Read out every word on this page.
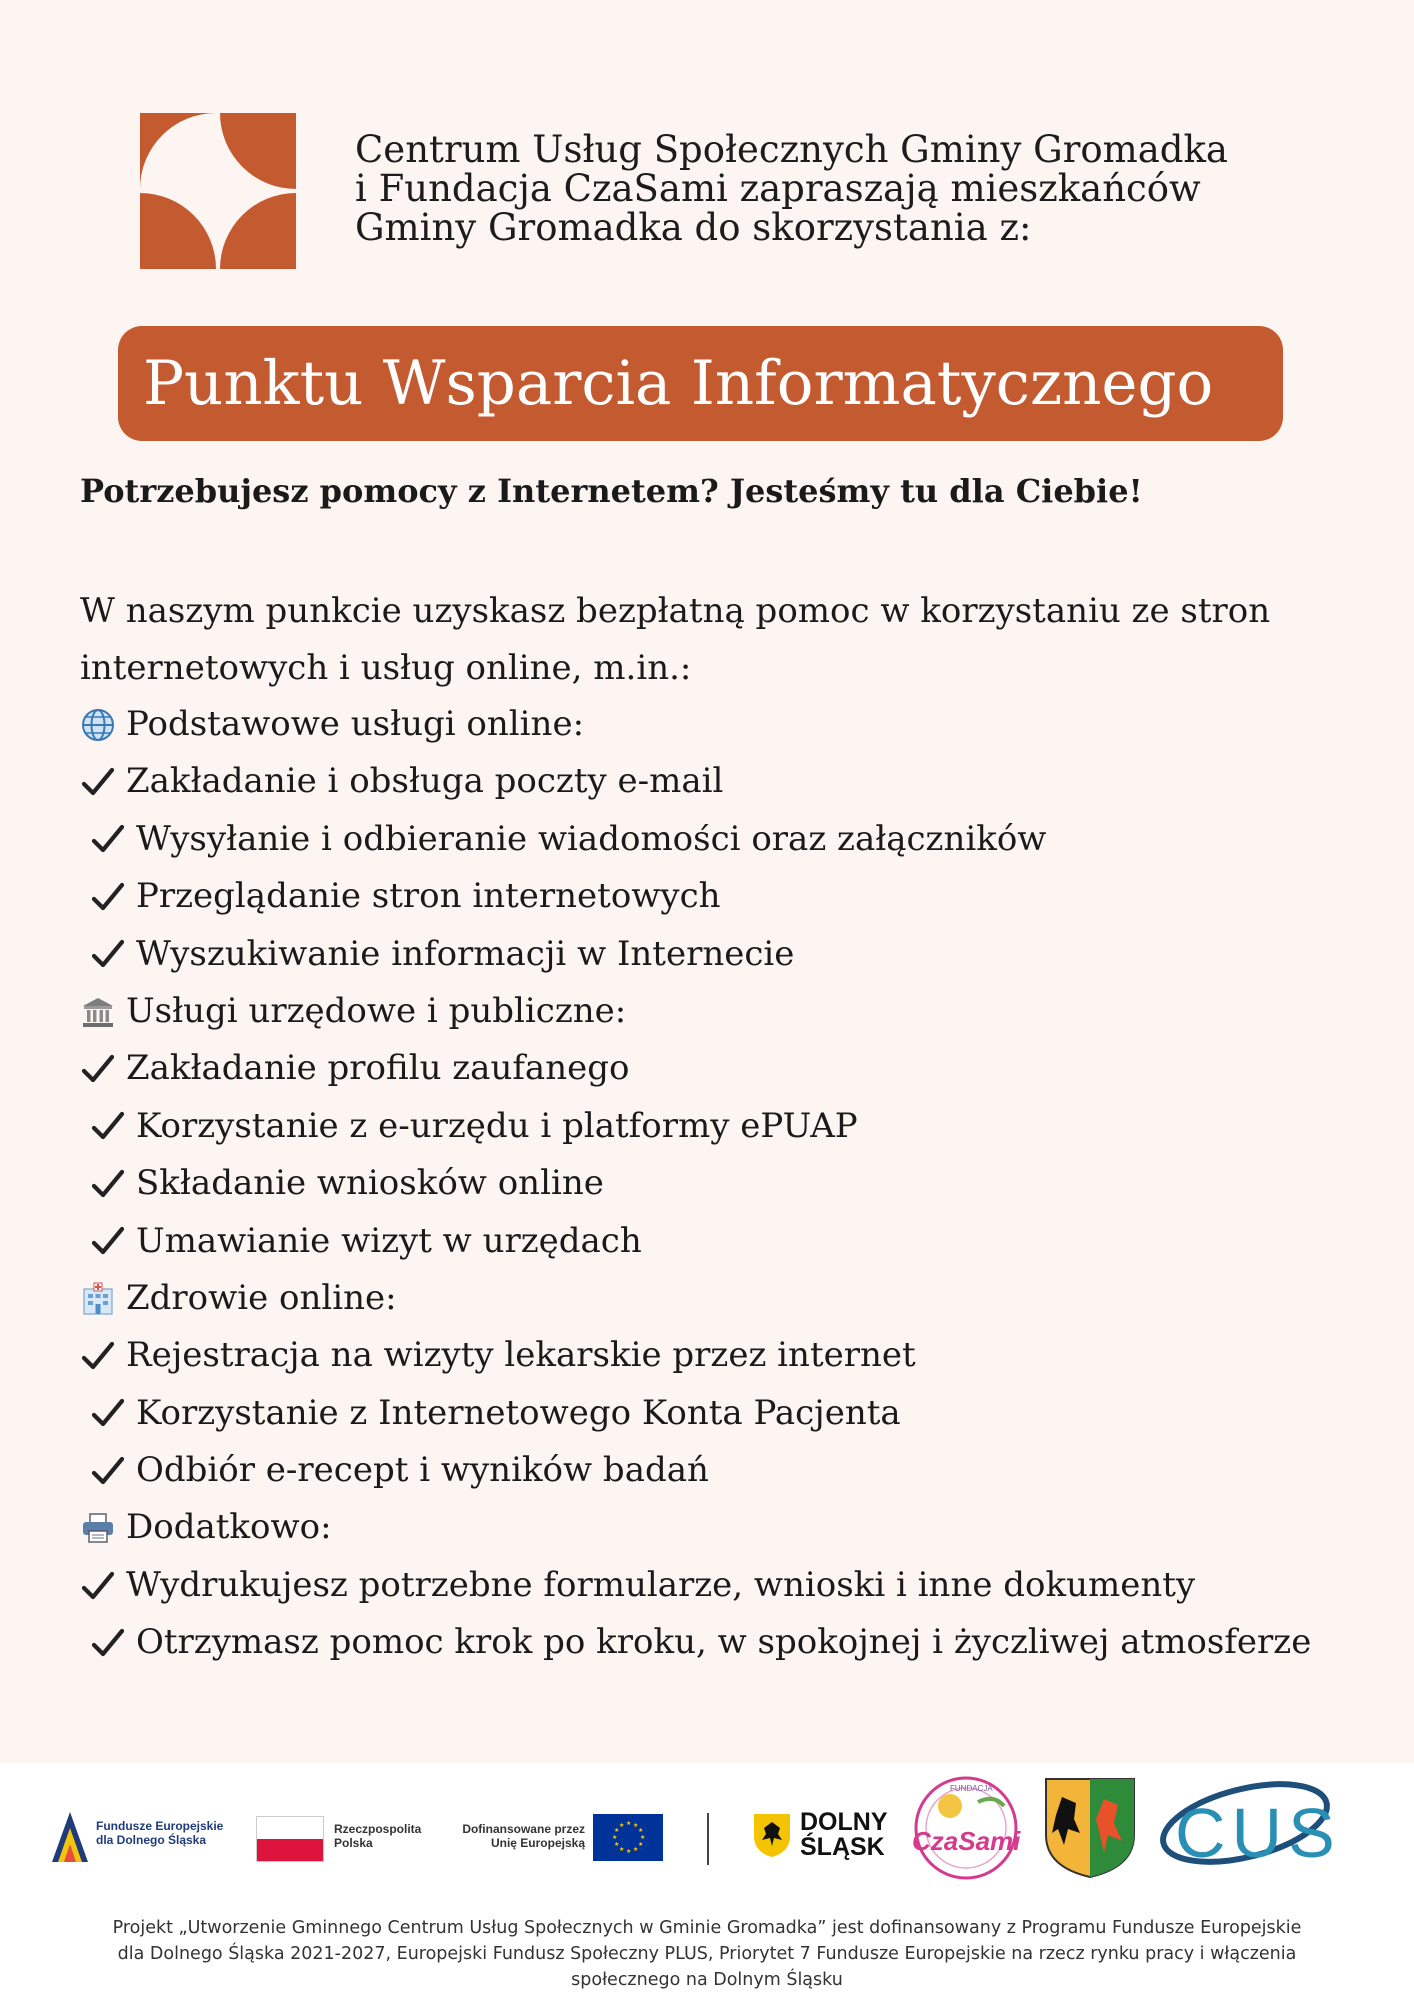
Centrum Usług Społecznych Gminy Gromadka
i Fundacja CzaSami zapraszają mieszkańców
Gminy Gromadka do skorzystania z:
Punktu Wsparcia Informatycznego
Potrzebujesz pomocy z Internetem? Jesteśmy tu dla Ciebie!
W naszym punkcie uzyskasz bezpłatną pomoc w korzystaniu ze stron
internetowych i usług online, m.in.:
Podstawowe usługi online:
Zakładanie i obsługa poczty e-mail
Wysyłanie i odbieranie wiadomości oraz załączników
Przeglądanie stron internetowych
Wyszukiwanie informacji w Internecie
Usługi urzędowe i publiczne:
Zakładanie profilu zaufanego
Korzystanie z e-urzędu i platformy ePUAP
Składanie wniosków online
Umawianie wizyt w urzędach
Zdrowie online:
Rejestracja na wizyty lekarskie przez internet
Korzystanie z Internetowego Konta Pacjenta
Odbiór e-recept i wyników badań
Dodatkowo:
Wydrukujesz potrzebne formularze, wnioski i inne dokumenty
Otrzymasz pomoc krok po kroku, w spokojnej i życzliwej atmosferze
Fundusze Europejskie
dla Dolnego Śląska
Rzeczpospolita
Polska
Dofinansowane przez
Unię Europejską
★ ★
★
★
★
★
★
★
★
★
★
★	DOLNY
ŚLĄSK
FUNDACJA
CzaSami CUS
Projekt „Utworzenie Gminnego Centrum Usług Społecznych w Gminie Gromadka” jest dofinansowany z Programu Fundusze Europejskie
dla Dolnego Śląska 2021-2027, Europejski Fundusz Społeczny PLUS, Priorytet 7 Fundusze Europejskie na rzecz rynku pracy i włączenia
społecznego na Dolnym Śląsku
